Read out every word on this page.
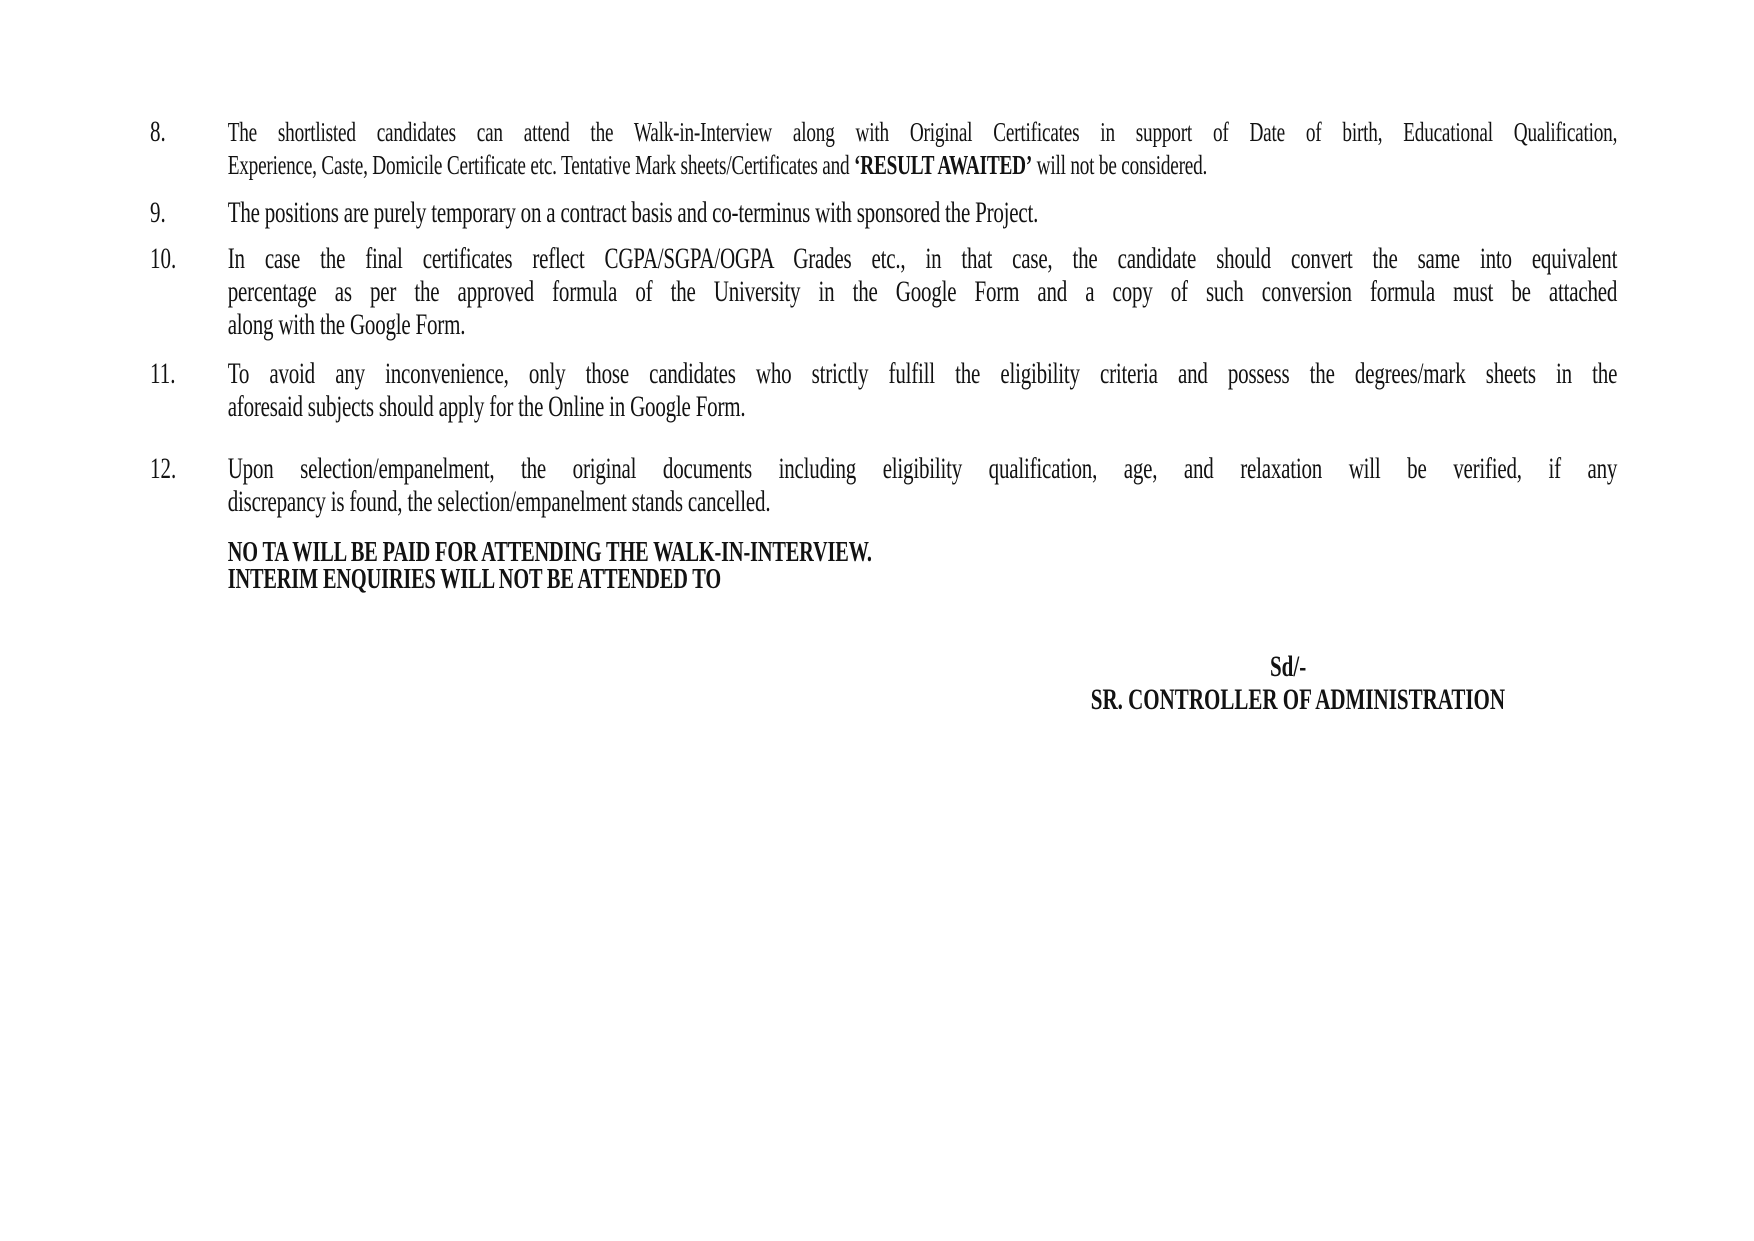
8.	The shortlisted candidates can attend the Walk-in-Interview along with Original Certificates in support of Date of birth, Educational Qualification,
Experience, Caste, Domicile Certificate etc. Tentative Mark sheets/Certificates and ‘RESULT AWAITED’ will not be considered.
9.	The positions are purely temporary on a contract basis and co-terminus with sponsored the Project.
10.	In case the final certificates reflect CGPA/SGPA/OGPA Grades etc., in that case, the candidate should convert the same into equivalent
percentage as per the approved formula of the University in the Google Form and a copy of such conversion formula must be attached
along with the Google Form.
11.	To avoid any inconvenience, only those candidates who strictly fulfill the eligibility criteria and possess the degrees/mark sheets in the
aforesaid subjects should apply for the Online in Google Form.
12.	Upon selection/empanelment, the original documents including eligibility qualification, age, and relaxation will be verified, if any
discrepancy is found, the selection/empanelment stands cancelled.
NO TA WILL BE PAID FOR ATTENDING THE WALK-IN-INTERVIEW.
INTERIM ENQUIRIES WILL NOT BE ATTENDED TO
Sd/-
SR. CONTROLLER OF ADMINISTRATION
